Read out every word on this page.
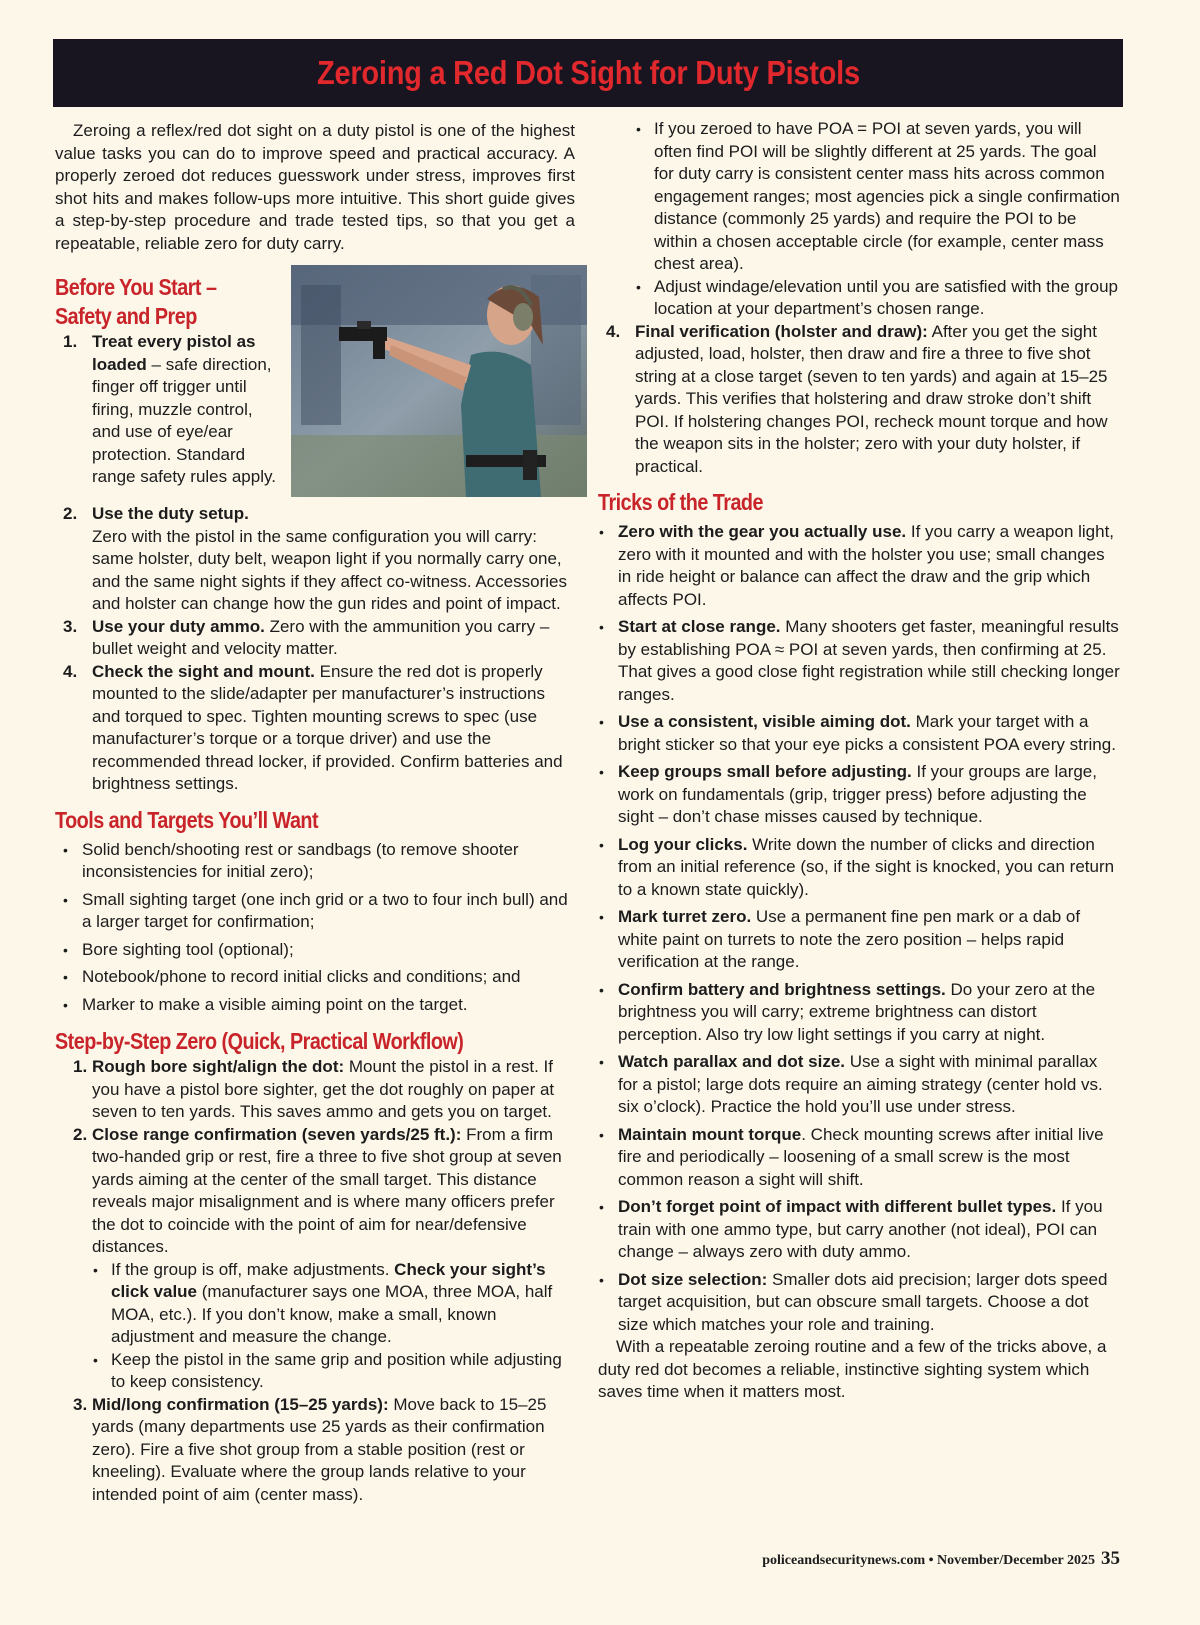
Zeroing a Red Dot Sight for Duty Pistols

Zeroing a reflex/red dot sight on a duty pistol is one of the highest value tasks you can do to improve speed and practical accuracy. A properly zeroed dot reduces guesswork under stress, improves first shot hits and makes follow-ups more intuitive. This short guide gives a step-by-step procedure and trade tested tips, so that you get a repeatable, reliable zero for duty carry.

Before You Start –
Safety and Prep
1. Treat every pistol as loaded – safe direction, finger off trigger until firing, muzzle control, and use of eye/ear protection. Standard range safety rules apply.
2. Use the duty setup.
Zero with the pistol in the same configuration you will carry: same holster, duty belt, weapon light if you normally carry one, and the same night sights if they affect co-witness. Accessories and holster can change how the gun rides and point of impact.
3. Use your duty ammo. Zero with the ammunition you carry – bullet weight and velocity matter.
4. Check the sight and mount. Ensure the red dot is properly mounted to the slide/adapter per manufacturer’s instructions and torqued to spec. Tighten mounting screws to spec (use manufacturer’s torque or a torque driver) and use the recommended thread locker, if provided. Confirm batteries and brightness settings.
Tools and Targets You’ll Want
• Solid bench/shooting rest or sandbags (to remove shooter inconsistencies for initial zero);
• Small sighting target (one inch grid or a two to four inch bull) and a larger target for confirmation;
• Bore sighting tool (optional);
• Notebook/phone to record initial clicks and conditions; and
• Marker to make a visible aiming point on the target.
Step-by-Step Zero (Quick, Practical Workflow)
1. Rough bore sight/align the dot: Mount the pistol in a rest. If you have a pistol bore sighter, get the dot roughly on paper at seven to ten yards. This saves ammo and gets you on target.
2. Close range confirmation (seven yards/25 ft.): From a firm two-handed grip or rest, fire a three to five shot group at seven yards aiming at the center of the small target. This distance reveals major misalignment and is where many officers prefer the dot to coincide with the point of aim for near/defensive distances.
• If the group is off, make adjustments. Check your sight’s click value (manufacturer says one MOA, three MOA, half MOA, etc.). If you don’t know, make a small, known adjustment and measure the change.
• Keep the pistol in the same grip and position while adjusting to keep consistency.
3. Mid/long confirmation (15–25 yards): Move back to 15–25 yards (many departments use 25 yards as their confirmation zero). Fire a five shot group from a stable position (rest or kneeling). Evaluate where the group lands relative to your intended point of aim (center mass).
• If you zeroed to have POA = POI at seven yards, you will often find POI will be slightly different at 25 yards. The goal for duty carry is consistent center mass hits across common engagement ranges; most agencies pick a single confirmation distance (commonly 25 yards) and require the POI to be within a chosen acceptable circle (for example, center mass chest area).
• Adjust windage/elevation until you are satisfied with the group location at your department’s chosen range.
4. Final verification (holster and draw): After you get the sight adjusted, load, holster, then draw and fire a three to five shot string at a close target (seven to ten yards) and again at 15–25 yards. This verifies that holstering and draw stroke don’t shift POI. If holstering changes POI, recheck mount torque and how the weapon sits in the holster; zero with your duty holster, if practical.
Tricks of the Trade
• Zero with the gear you actually use. If you carry a weapon light, zero with it mounted and with the holster you use; small changes in ride height or balance can affect the draw and the grip which affects POI.
• Start at close range. Many shooters get faster, meaningful results by establishing POA ≈ POI at seven yards, then confirming at 25. That gives a good close fight registration while still checking longer ranges.
• Use a consistent, visible aiming dot. Mark your target with a bright sticker so that your eye picks a consistent POA every string.
• Keep groups small before adjusting. If your groups are large, work on fundamentals (grip, trigger press) before adjusting the sight – don’t chase misses caused by technique.
• Log your clicks. Write down the number of clicks and direction from an initial reference (so, if the sight is knocked, you can return to a known state quickly).
• Mark turret zero. Use a permanent fine pen mark or a dab of white paint on turrets to note the zero position – helps rapid verification at the range.
• Confirm battery and brightness settings. Do your zero at the brightness you will carry; extreme brightness can distort perception. Also try low light settings if you carry at night.
• Watch parallax and dot size. Use a sight with minimal parallax for a pistol; large dots require an aiming strategy (center hold vs. six o’clock). Practice the hold you’ll use under stress.
• Maintain mount torque. Check mounting screws after initial live fire and periodically – loosening of a small screw is the most common reason a sight will shift.
• Don’t forget point of impact with different bullet types. If you train with one ammo type, but carry another (not ideal), POI can change – always zero with duty ammo.
• Dot size selection: Smaller dots aid precision; larger dots speed target acquisition, but can obscure small targets. Choose a dot size which matches your role and training.

With a repeatable zeroing routine and a few of the tricks above, a duty red dot becomes a reliable, instinctive sighting system which saves time when it matters most.

policeandsecuritynews.com • November/December 2025 35
